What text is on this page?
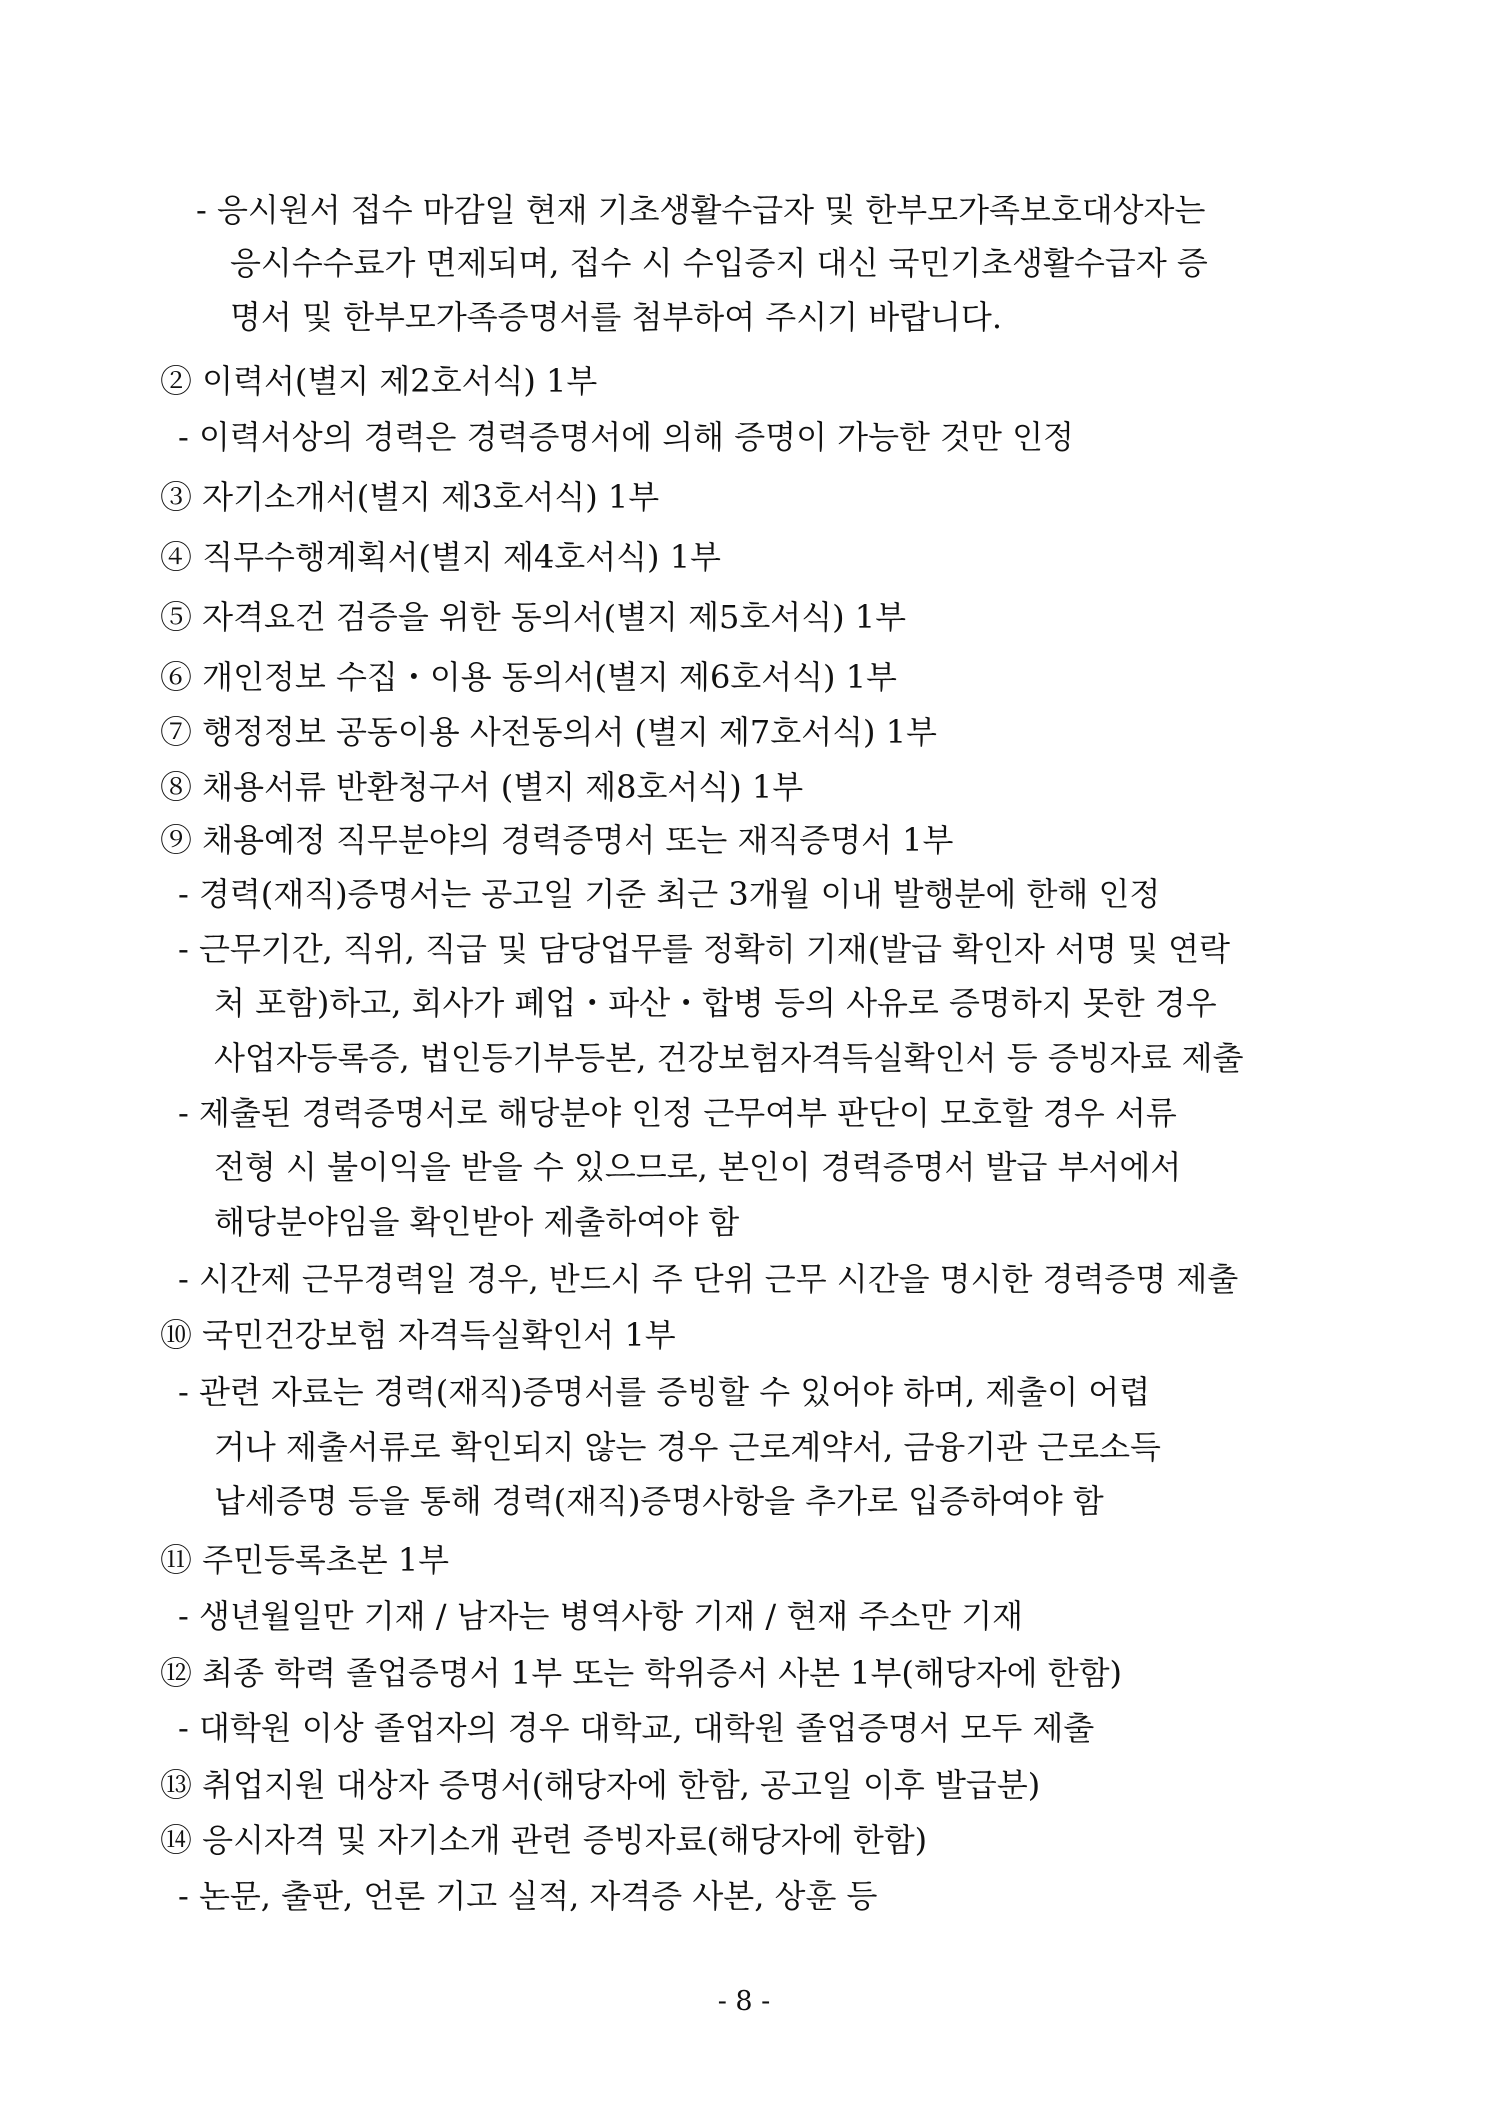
- 응시원서 접수 마감일 현재 기초생활수급자 및 한부모가족보호대상자는
응시수수료가 면제되며, 접수 시 수입증지 대신 국민기초생활수급자 증
명서 및 한부모가족증명서를 첨부하여 주시기 바랍니다.
② 이력서(별지 제2호서식) 1부
- 이력서상의 경력은 경력증명서에 의해 증명이 가능한 것만 인정
③ 자기소개서(별지 제3호서식) 1부
④ 직무수행계획서(별지 제4호서식) 1부
⑤ 자격요건 검증을 위한 동의서(별지 제5호서식) 1부
⑥ 개인정보 수집・이용 동의서(별지 제6호서식) 1부
⑦ 행정정보 공동이용 사전동의서 (별지 제7호서식) 1부
⑧ 채용서류 반환청구서 (별지 제8호서식) 1부
⑨ 채용예정 직무분야의 경력증명서 또는 재직증명서 1부
- 경력(재직)증명서는 공고일 기준 최근 3개월 이내 발행분에 한해 인정
- 근무기간, 직위, 직급 및 담당업무를 정확히 기재(발급 확인자 서명 및 연락
처 포함)하고, 회사가 폐업・파산・합병 등의 사유로 증명하지 못한 경우
사업자등록증, 법인등기부등본, 건강보험자격득실확인서 등 증빙자료 제출
- 제출된 경력증명서로 해당분야 인정 근무여부 판단이 모호할 경우 서류
전형 시 불이익을 받을 수 있으므로, 본인이 경력증명서 발급 부서에서
해당분야임을 확인받아 제출하여야 함
- 시간제 근무경력일 경우, 반드시 주 단위 근무 시간을 명시한 경력증명 제출
⑩ 국민건강보험 자격득실확인서 1부
- 관련 자료는 경력(재직)증명서를 증빙할 수 있어야 하며, 제출이 어렵
거나 제출서류로 확인되지 않는 경우 근로계약서, 금융기관 근로소득
납세증명 등을 통해 경력(재직)증명사항을 추가로 입증하여야 함
⑪ 주민등록초본 1부
- 생년월일만 기재 / 남자는 병역사항 기재 / 현재 주소만 기재
⑫ 최종 학력 졸업증명서 1부 또는 학위증서 사본 1부(해당자에 한함)
- 대학원 이상 졸업자의 경우 대학교, 대학원 졸업증명서 모두 제출
⑬ 취업지원 대상자 증명서(해당자에 한함, 공고일 이후 발급분)
⑭ 응시자격 및 자기소개 관련 증빙자료(해당자에 한함)
- 논문, 출판, 언론 기고 실적, 자격증 사본, 상훈 등
- 8 -
